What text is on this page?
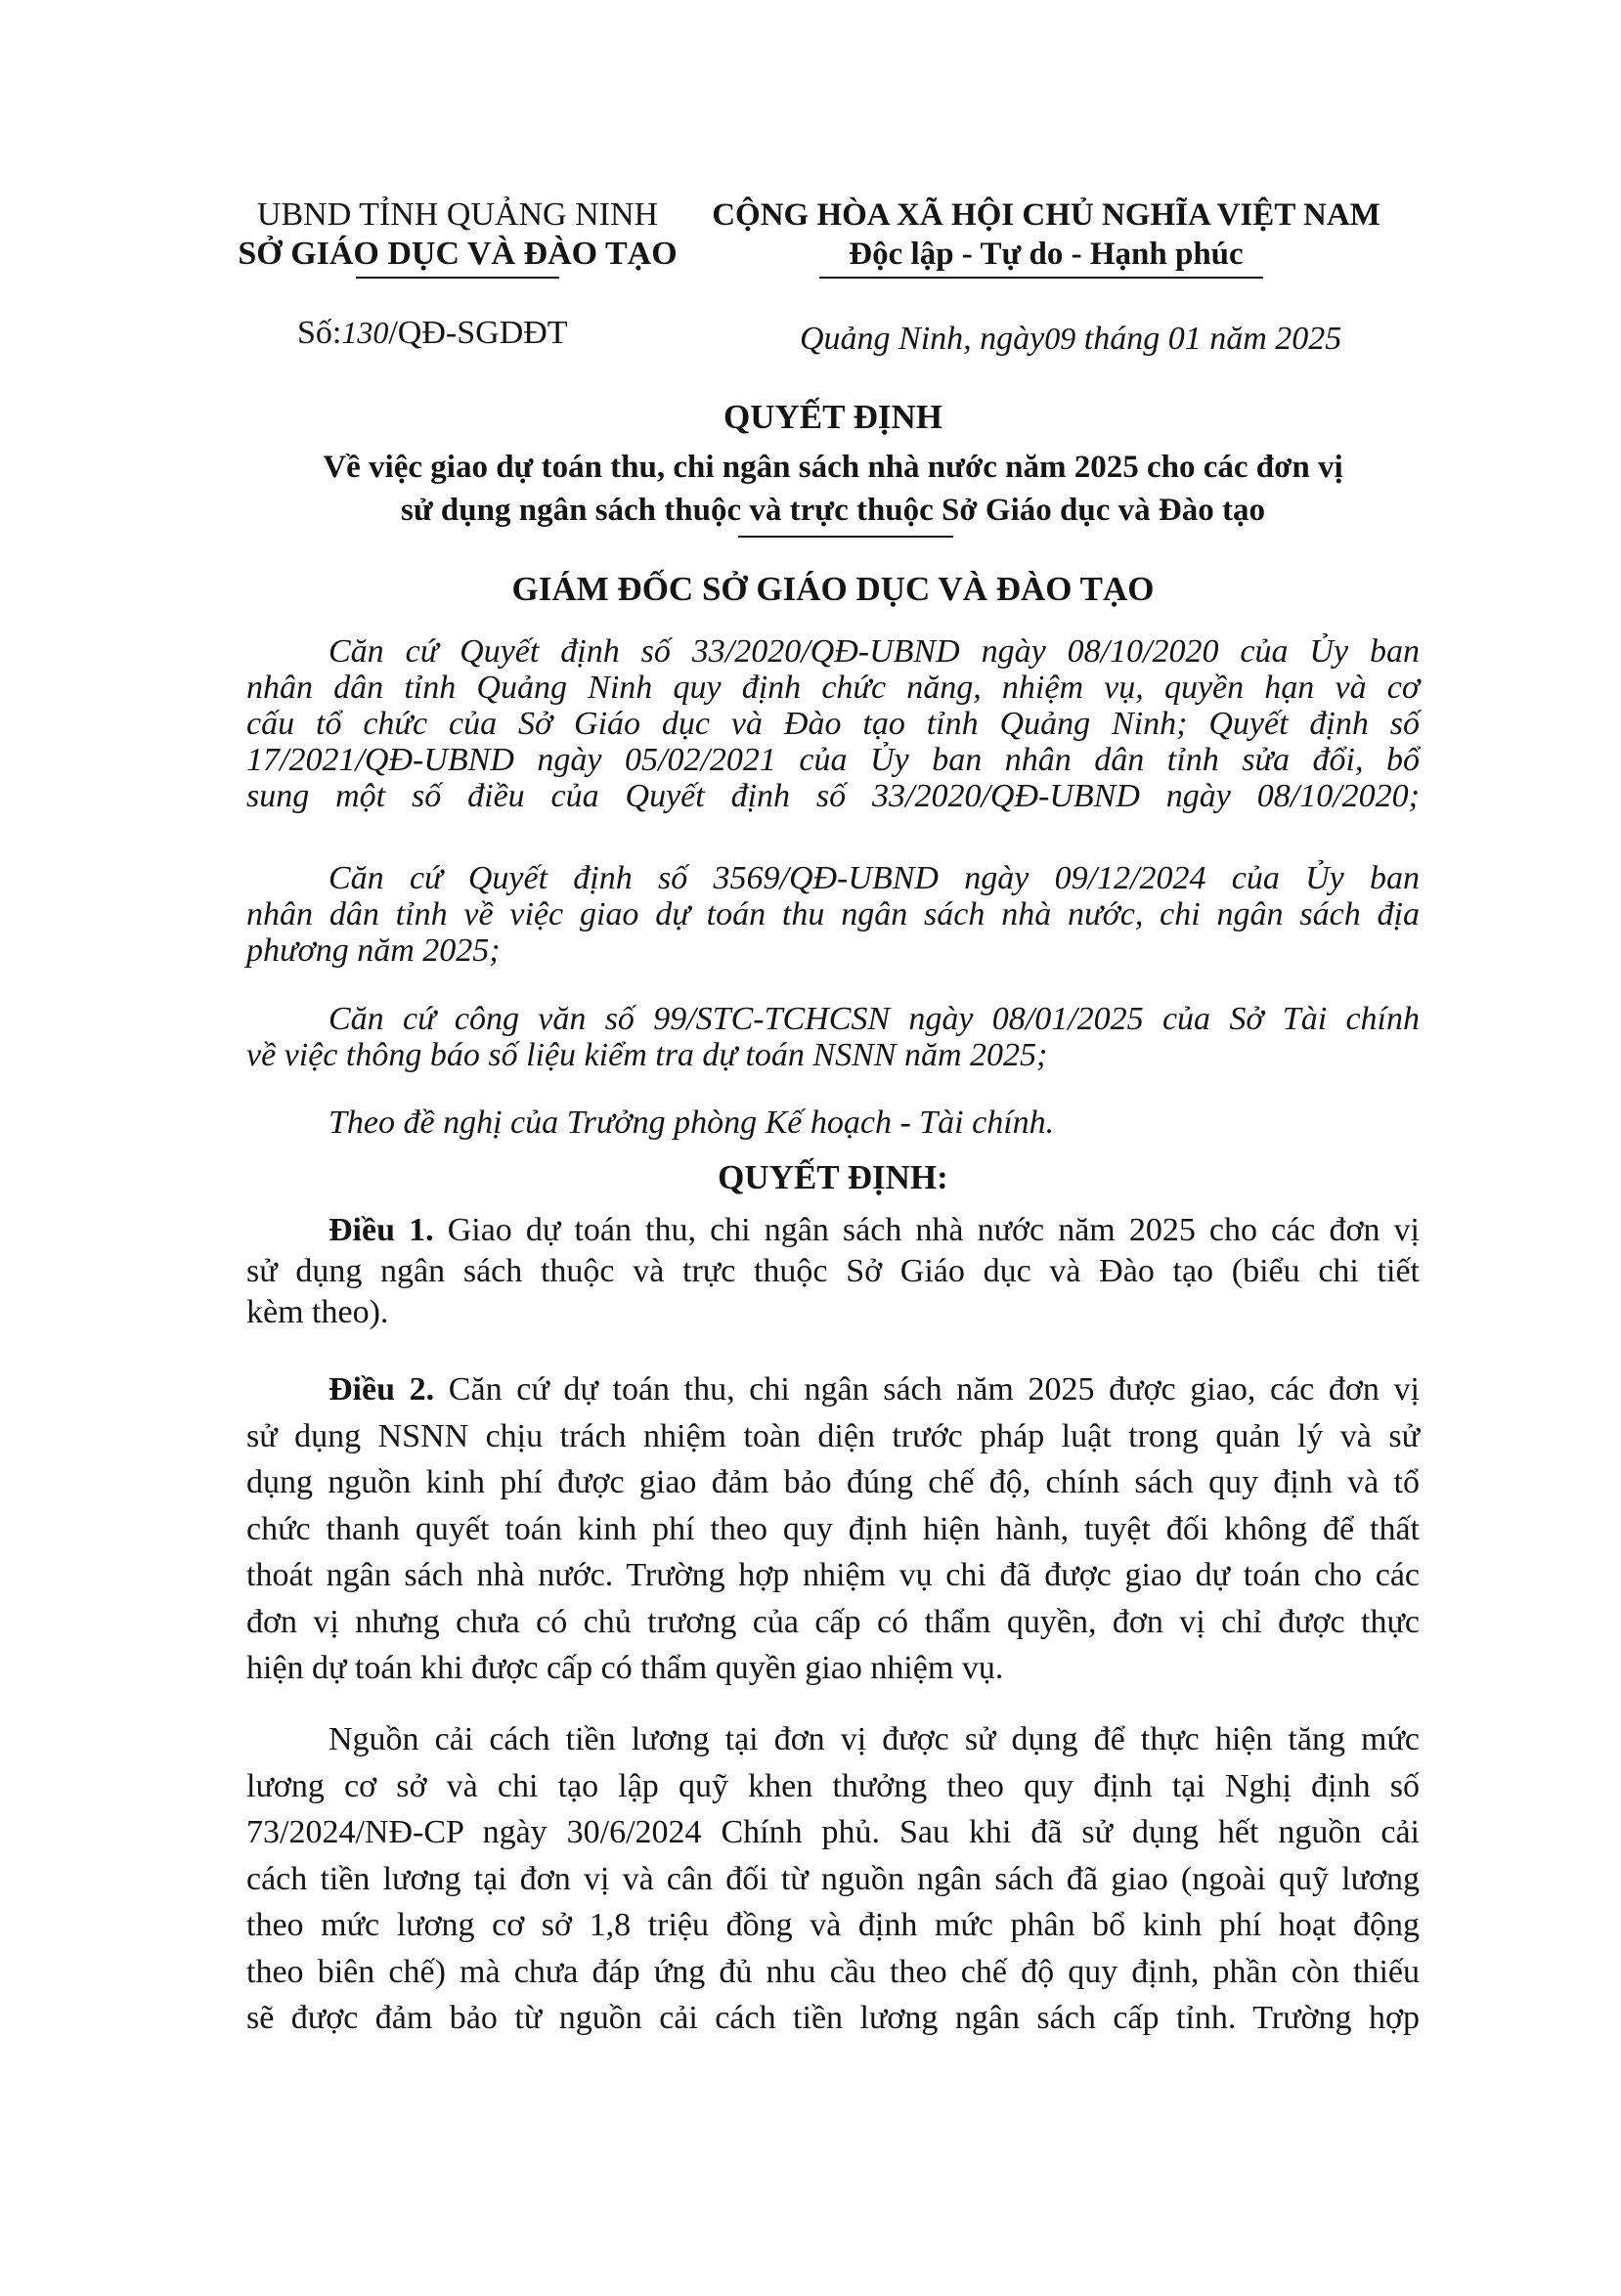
UBND TỈNH QUẢNG NINH
SỞ GIÁO DỤC VÀ ĐÀO TẠO
CỘNG HÒA XÃ HỘI CHỦ NGHĨA VIỆT NAM
Độc lập - Tự do - Hạnh phúc
Số:130/QĐ-SGDĐT	Quảng Ninh, ngày09 tháng 01 năm 2025
QUYẾT ĐỊNH
Về việc giao dự toán thu, chi ngân sách nhà nước năm 2025 cho các đơn vị
sử dụng ngân sách thuộc và trực thuộc Sở Giáo dục và Đào tạo
GIÁM ĐỐC SỞ GIÁO DỤC VÀ ĐÀO TẠO
Căn cứ Quyết định số 33/2020/QĐ-UBND ngày 08/10/2020 của Ủy ban
nhân dân tỉnh Quảng Ninh quy định chức năng, nhiệm vụ, quyền hạn và cơ
cấu tổ chức của Sở Giáo dục và Đào tạo tỉnh Quảng Ninh; Quyết định số
17/2021/QĐ-UBND ngày 05/02/2021 của Ủy ban nhân dân tỉnh sửa đổi, bổ
sung một số điều của Quyết định số 33/2020/QĐ-UBND ngày 08/10/2020;
Căn cứ Quyết định số 3569/QĐ-UBND ngày 09/12/2024 của Ủy ban
nhân dân tỉnh về việc giao dự toán thu ngân sách nhà nước, chi ngân sách địa
phương năm 2025;
Căn cứ công văn số 99/STC-TCHCSN ngày 08/01/2025 của Sở Tài chính
về việc thông báo số liệu kiểm tra dự toán NSNN năm 2025;
Theo đề nghị của Trưởng phòng Kế hoạch - Tài chính.
QUYẾT ĐỊNH:
Điều 1. Giao dự toán thu, chi ngân sách nhà nước năm 2025 cho các đơn vị
sử dụng ngân sách thuộc và trực thuộc Sở Giáo dục và Đào tạo (biểu chi tiết
kèm theo).
Điều 2. Căn cứ dự toán thu, chi ngân sách năm 2025 được giao, các đơn vị
sử dụng NSNN chịu trách nhiệm toàn diện trước pháp luật trong quản lý và sử
dụng nguồn kinh phí được giao đảm bảo đúng chế độ, chính sách quy định và tổ
chức thanh quyết toán kinh phí theo quy định hiện hành, tuyệt đối không để thất
thoát ngân sách nhà nước. Trường hợp nhiệm vụ chi đã được giao dự toán cho các
đơn vị nhưng chưa có chủ trương của cấp có thẩm quyền, đơn vị chỉ được thực
hiện dự toán khi được cấp có thẩm quyền giao nhiệm vụ.
Nguồn cải cách tiền lương tại đơn vị được sử dụng để thực hiện tăng mức
lương cơ sở và chi tạo lập quỹ khen thưởng theo quy định tại Nghị định số
73/2024/NĐ-CP ngày 30/6/2024 Chính phủ. Sau khi đã sử dụng hết nguồn cải
cách tiền lương tại đơn vị và cân đối từ nguồn ngân sách đã giao (ngoài quỹ lương
theo mức lương cơ sở 1,8 triệu đồng và định mức phân bổ kinh phí hoạt động
theo biên chế) mà chưa đáp ứng đủ nhu cầu theo chế độ quy định, phần còn thiếu
sẽ được đảm bảo từ nguồn cải cách tiền lương ngân sách cấp tỉnh. Trường hợp
